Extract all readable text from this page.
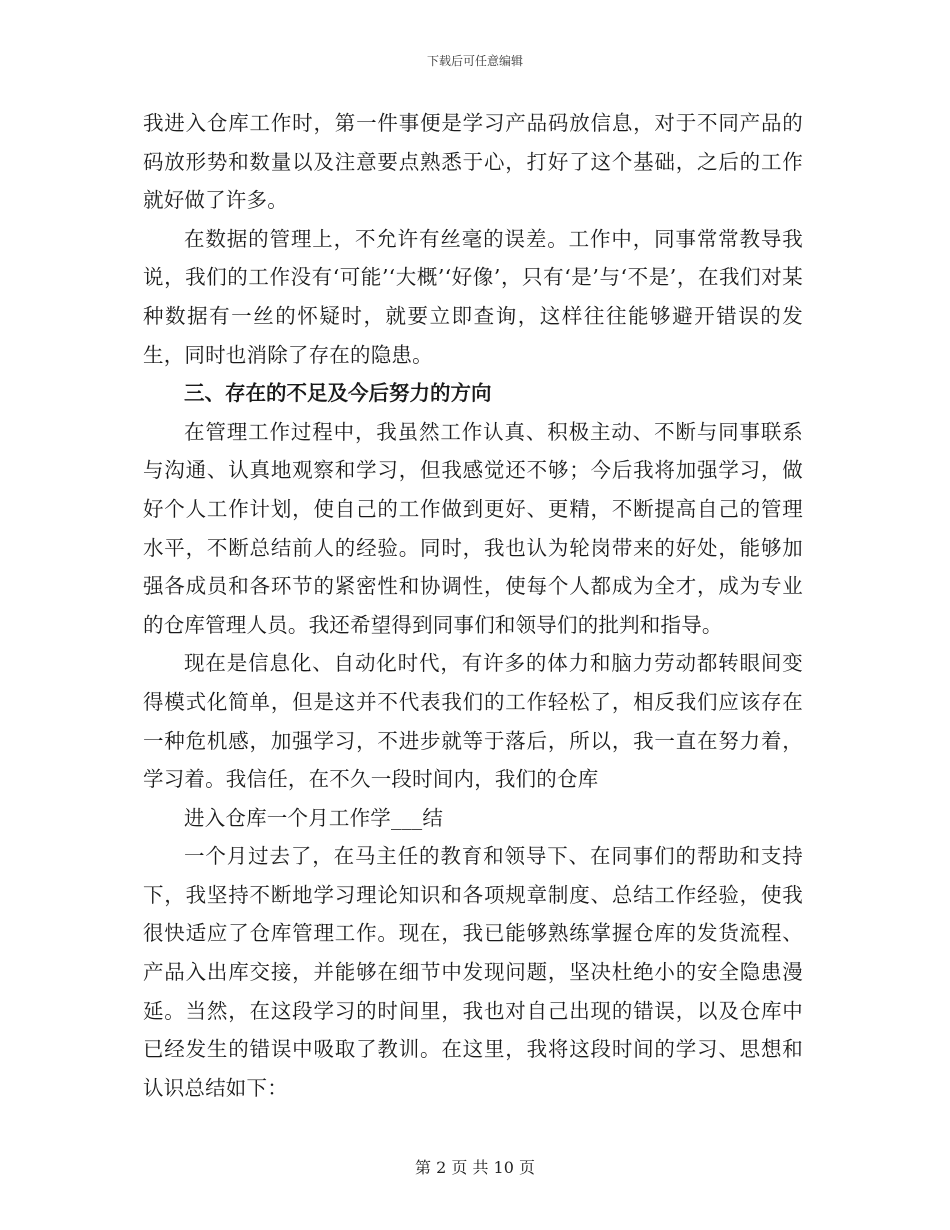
下载后可任意编辑

我进入仓库工作时，第一件事便是学习产品码放信息，对于不同产品的码放形势和数量以及注意要点熟悉于心，打好了这个基础，之后的工作就好做了许多。

在数据的管理上，不允许有丝毫的误差。工作中，同事常常教导我说，我们的工作没有‘可能’‘大概’‘好像’，只有‘是’与‘不是’，在我们对某种数据有一丝的怀疑时，就要立即查询，这样往往能够避开错误的发生，同时也消除了存在的隐患。

三、存在的不足及今后努力的方向

在管理工作过程中，我虽然工作认真、积极主动、不断与同事联系与沟通、认真地观察和学习，但我感觉还不够；今后我将加强学习，做好个人工作计划，使自己的工作做到更好、更精，不断提高自己的管理水平，不断总结前人的经验。同时，我也认为轮岗带来的好处，能够加强各成员和各环节的紧密性和协调性，使每个人都成为全才，成为专业的仓库管理人员。我还希望得到同事们和领导们的批判和指导。

现在是信息化、自动化时代，有许多的体力和脑力劳动都转眼间变得模式化简单，但是这并不代表我们的工作轻松了，相反我们应该存在一种危机感，加强学习，不进步就等于落后，所以，我一直在努力着，学习着。我信任，在不久一段时间内，我们的仓库

进入仓库一个月工作学___结

一个月过去了，在马主任的教育和领导下、在同事们的帮助和支持下，我坚持不断地学习理论知识和各项规章制度、总结工作经验，使我很快适应了仓库管理工作。现在，我已能够熟练掌握仓库的发货流程、产品入出库交接，并能够在细节中发现问题，坚决杜绝小的安全隐患漫延。当然，在这段学习的时间里，我也对自己出现的错误，以及仓库中已经发生的错误中吸取了教训。在这里，我将这段时间的学习、思想和认识总结如下：

第 2 页 共 10 页
